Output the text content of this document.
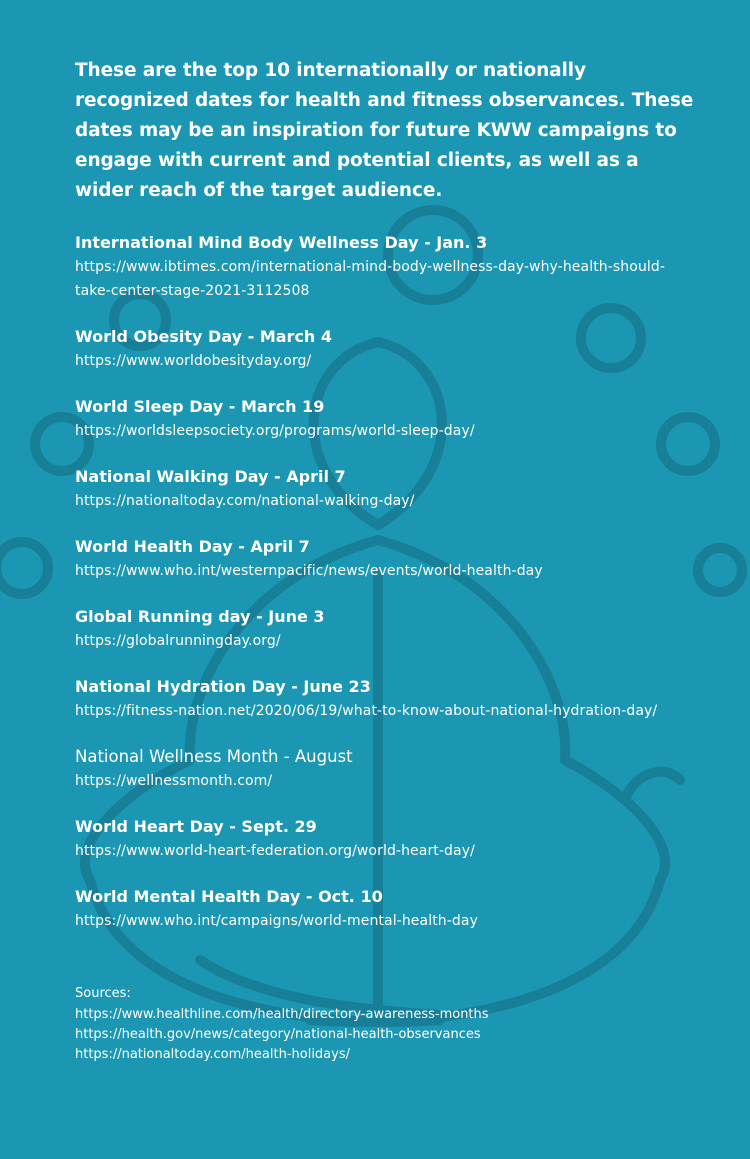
These are the top 10 internationally or nationally recognized dates for health and fitness observances. These dates may be an inspiration for future KWW campaigns to engage with current and potential clients, as well as a wider reach of the target audience.

International Mind Body Wellness Day - Jan. 3
https://www.ibtimes.com/international-mind-body-wellness-day-why-health-should-take-center-stage-2021-3112508
World Obesity Day - March 4
https://www.worldobesityday.org/
World Sleep Day - March 19
https://worldsleepsociety.org/programs/world-sleep-day/
National Walking Day - April 7
https://nationaltoday.com/national-walking-day/
World Health Day - April 7
https://www.who.int/westernpacific/news/events/world-health-day
Global Running day - June 3
https://globalrunningday.org/
National Hydration Day - June 23
https://fitness-nation.net/2020/06/19/what-to-know-about-national-hydration-day/
National Wellness Month - August
https://wellnessmonth.com/
World Heart Day - Sept. 29
https://www.world-heart-federation.org/world-heart-day/
World Mental Health Day - Oct. 10
https://www.who.int/campaigns/world-mental-health-day
Sources:
https://www.healthline.com/health/directory-awareness-months
https://health.gov/news/category/national-health-observances
https://nationaltoday.com/health-holidays/
